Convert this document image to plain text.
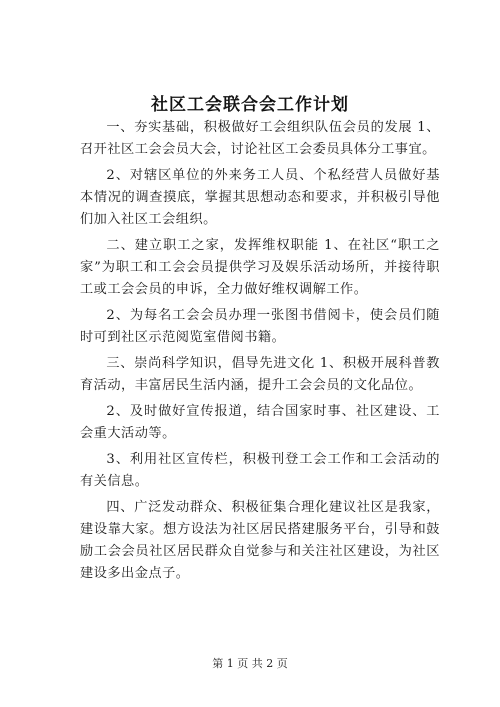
社区工会联合会工作计划

一、夯实基础，积极做好工会组织队伍会员的发展 1、召开社区工会会员大会，讨论社区工会委员具体分工事宜。

2、对辖区单位的外来务工人员、个私经营人员做好基本情况的调查摸底，掌握其思想动态和要求，并积极引导他们加入社区工会组织。

二、建立职工之家，发挥维权职能 1、在社区“职工之家”为职工和工会会员提供学习及娱乐活动场所，并接待职工或工会会员的申诉，全力做好维权调解工作。

2、为每名工会会员办理一张图书借阅卡，使会员们随时可到社区示范阅览室借阅书籍。

三、崇尚科学知识，倡导先进文化 1、积极开展科普教育活动，丰富居民生活内涵，提升工会会员的文化品位。

2、及时做好宣传报道，结合国家时事、社区建设、工会重大活动等。

3、利用社区宣传栏，积极刊登工会工作和工会活动的有关信息。

四、广泛发动群众、积极征集合理化建议社区是我家，建设靠大家。想方设法为社区居民搭建服务平台，引导和鼓励工会会员社区居民群众自觉参与和关注社区建设，为社区建设多出金点子。

第 1 页 共 2 页
